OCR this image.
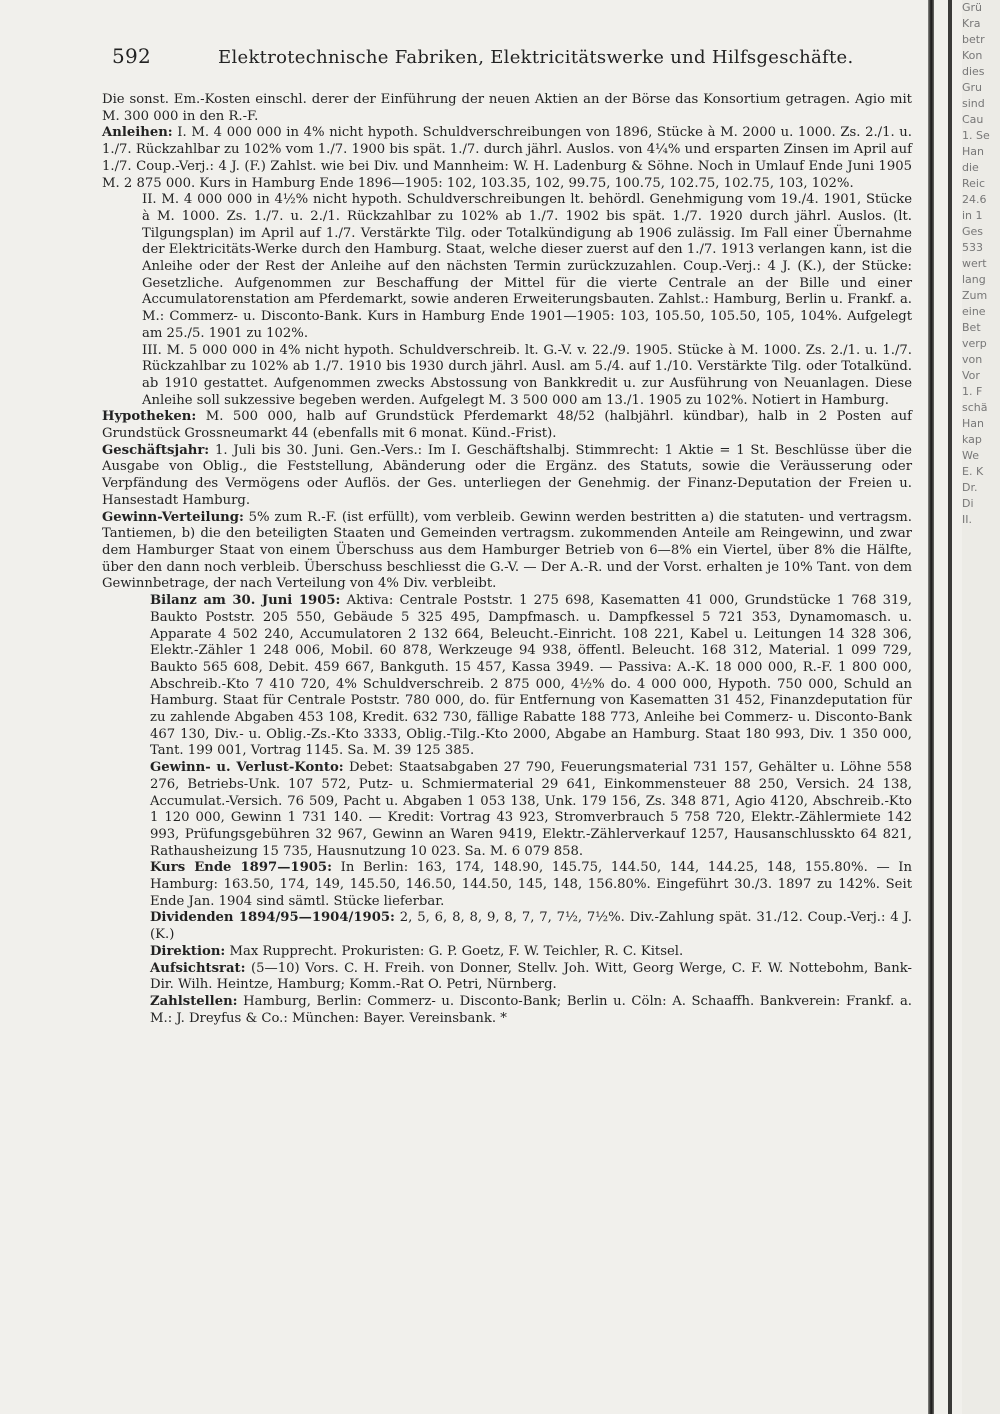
592	Elektrotechnische Fabriken, Elektricitätswerke und Hilfsgeschäfte.

Die sonst. Em.-Kosten einschl. derer der Einführung der neuen Aktien an der Börse das Konsortium getragen. Agio mit M. 300 000 in den R.-F.

Anleihen: I. M. 4 000 000 in 4% nicht hypoth. Schuldverschreibungen von 1896, Stücke à M. 2000 u. 1000. Zs. 2./1. u. 1./7. Rückzahlbar zu 102% vom 1./7. 1900 bis spät. 1./7. durch jährl. Auslos. von 4¼% und ersparten Zinsen im April auf 1./7. Coup.-Verj.: 4 J. (F.) Zahlst. wie bei Div. und Mannheim: W. H. Ladenburg & Söhne. Noch in Umlauf Ende Juni 1905 M. 2 875 000. Kurs in Hamburg Ende 1896—1905: 102, 103.35, 102, 99.75, 100.75, 102.75, 102.75, 103, 102%.

II. M. 4 000 000 in 4½% nicht hypoth. Schuldverschreibungen lt. behördl. Genehmigung vom 19./4. 1901, Stücke à M. 1000. Zs. 1./7. u. 2./1. Rückzahlbar zu 102% ab 1./7. 1902 bis spät. 1./7. 1920 durch jährl. Auslos. (lt. Tilgungsplan) im April auf 1./7. Verstärkte Tilg. oder Totalkündigung ab 1906 zulässig. Im Fall einer Übernahme der Elektricitäts-Werke durch den Hamburg. Staat, welche dieser zuerst auf den 1./7. 1913 verlangen kann, ist die Anleihe oder der Rest der Anleihe auf den nächsten Termin zurückzuzahlen. Coup.-Verj.: 4 J. (K.), der Stücke: Gesetzliche. Aufgenommen zur Beschaffung der Mittel für die vierte Centrale an der Bille und einer Accumulatorenstation am Pferdemarkt, sowie anderen Erweiterungsbauten. Zahlst.: Hamburg, Berlin u. Frankf. a. M.: Commerz- u. Disconto-Bank. Kurs in Hamburg Ende 1901—1905: 103, 105.50, 105.50, 105, 104%. Aufgelegt am 25./5. 1901 zu 102%.

III. M. 5 000 000 in 4% nicht hypoth. Schuldverschreib. lt. G.-V. v. 22./9. 1905. Stücke à M. 1000. Zs. 2./1. u. 1./7. Rückzahlbar zu 102% ab 1./7. 1910 bis 1930 durch jährl. Ausl. am 5./4. auf 1./10. Verstärkte Tilg. oder Totalkünd. ab 1910 gestattet. Aufgenommen zwecks Abstossung von Bankkredit u. zur Ausführung von Neuanlagen. Diese Anleihe soll sukzessive begeben werden. Aufgelegt M. 3 500 000 am 13./1. 1905 zu 102%. Notiert in Hamburg.

Hypotheken: M. 500 000, halb auf Grundstück Pferdemarkt 48/52 (halbjährl. kündbar), halb in 2 Posten auf Grundstück Grossneumarkt 44 (ebenfalls mit 6 monat. Künd.-Frist).

Geschäftsjahr: 1. Juli bis 30. Juni. Gen.-Vers.: Im I. Geschäftshalbj. Stimmrecht: 1 Aktie = 1 St. Beschlüsse über die Ausgabe von Oblig., die Feststellung, Abänderung oder die Ergänz. des Statuts, sowie die Veräusserung oder Verpfändung des Vermögens oder Auflös. der Ges. unterliegen der Genehmig. der Finanz-Deputation der Freien u. Hansestadt Hamburg.

Gewinn-Verteilung: 5% zum R.-F. (ist erfüllt), vom verbleib. Gewinn werden bestritten a) die statuten- und vertragsm. Tantiemen, b) die den beteiligten Staaten und Gemeinden vertragsm. zukommenden Anteile am Reingewinn, und zwar dem Hamburger Staat von einem Überschuss aus dem Hamburger Betrieb von 6—8% ein Viertel, über 8% die Hälfte, über den dann noch verbleib. Überschuss beschliesst die G.-V. — Der A.-R. und der Vorst. erhalten je 10% Tant. von dem Gewinnbetrage, der nach Verteilung von 4% Div. verbleibt.

Bilanz am 30. Juni 1905: Aktiva: Centrale Poststr. 1 275 698, Kasematten 41 000, Grundstücke 1 768 319, Baukto Poststr. 205 550, Gebäude 5 325 495, Dampfmasch. u. Dampfkessel 5 721 353, Dynamomasch. u. Apparate 4 502 240, Accumulatoren 2 132 664, Beleucht.-Einricht. 108 221, Kabel u. Leitungen 14 328 306, Elektr.-Zähler 1 248 006, Mobil. 60 878, Werkzeuge 94 938, öffentl. Beleucht. 168 312, Material. 1 099 729, Baukto 565 608, Debit. 459 667, Bankguth. 15 457, Kassa 3949. — Passiva: A.-K. 18 000 000, R.-F. 1 800 000, Abschreib.-Kto 7 410 720, 4% Schuldverschreib. 2 875 000, 4½% do. 4 000 000, Hypoth. 750 000, Schuld an Hamburg. Staat für Centrale Poststr. 780 000, do. für Entfernung von Kasematten 31 452, Finanzdeputation für zu zahlende Abgaben 453 108, Kredit. 632 730, fällige Rabatte 188 773, Anleihe bei Commerz- u. Disconto-Bank 467 130, Div.- u. Oblig.-Zs.-Kto 3333, Oblig.-Tilg.-Kto 2000, Abgabe an Hamburg. Staat 180 993, Div. 1 350 000, Tant. 199 001, Vortrag 1145. Sa. M. 39 125 385.

Gewinn- u. Verlust-Konto: Debet: Staatsabgaben 27 790, Feuerungsmaterial 731 157, Gehälter u. Löhne 558 276, Betriebs-Unk. 107 572, Putz- u. Schmiermaterial 29 641, Einkommensteuer 88 250, Versich. 24 138, Accumulat.-Versich. 76 509, Pacht u. Abgaben 1 053 138, Unk. 179 156, Zs. 348 871, Agio 4120, Abschreib.-Kto 1 120 000, Gewinn 1 731 140. — Kredit: Vortrag 43 923, Stromverbrauch 5 758 720, Elektr.-Zählermiete 142 993, Prüfungsgebühren 32 967, Gewinn an Waren 9419, Elektr.-Zählerverkauf 1257, Hausanschlusskto 64 821, Rathausheizung 15 735, Hausnutzung 10 023. Sa. M. 6 079 858.

Kurs Ende 1897—1905: In Berlin: 163, 174, 148.90, 145.75, 144.50, 144, 144.25, 148, 155.80%. — In Hamburg: 163.50, 174, 149, 145.50, 146.50, 144.50, 145, 148, 156.80%. Eingeführt 30./3. 1897 zu 142%. Seit Ende Jan. 1904 sind sämtl. Stücke lieferbar.

Dividenden 1894/95—1904/1905: 2, 5, 6, 8, 8, 9, 8, 7, 7, 7½, 7½%. Div.-Zahlung spät. 31./12. Coup.-Verj.: 4 J. (K.)

Direktion: Max Rupprecht. Prokuristen: G. P. Goetz, F. W. Teichler, R. C. Kitsel.

Aufsichtsrat: (5—10) Vors. C. H. Freih. von Donner, Stellv. Joh. Witt, Georg Werge, C. F. W. Nottebohm, Bank-Dir. Wilh. Heintze, Hamburg; Komm.-Rat O. Petri, Nürnberg.

Zahlstellen: Hamburg, Berlin: Commerz- u. Disconto-Bank; Berlin u. Cöln: A. Schaaffh. Bankverein: Frankf. a. M.: J. Dreyfus & Co.: München: Bayer. Vereinsbank. *

Grü
Kra
betr
Kon
dies
Gru
sind
Cau
1. Se
Han
die
Reic
24.6
in 1
Ges
533
wert
lang
Zum
eine
Bet
verp
von
Vor
1. F
schä
Han
kap
We
E. K
Dr.
Di
II.
